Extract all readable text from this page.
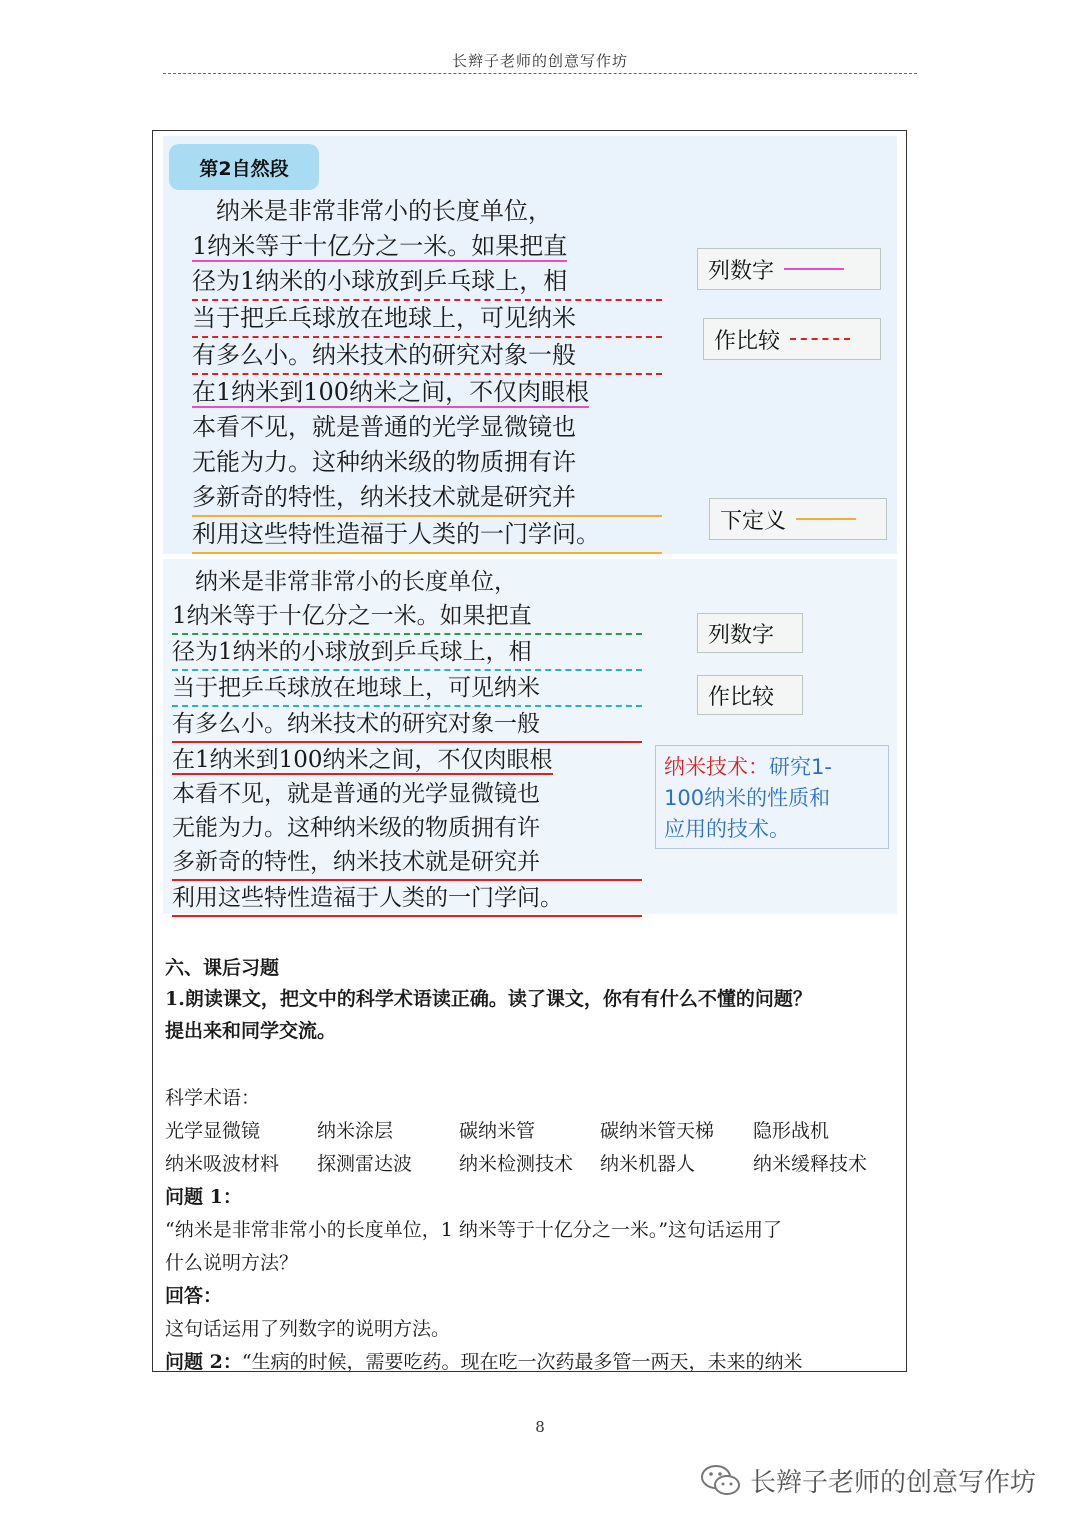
长辫子老师的创意写作坊
第2自然段
　纳米是非常非常小的长度单位，
1纳米等于十亿分之一米。如果把直
径为1纳米的小球放到乒乓球上，相
当于把乒乓球放在地球上，可见纳米
有多么小。纳米技术的研究对象一般
在1纳米到100纳米之间，不仅肉眼根
本看不见，就是普通的光学显微镜也
无能为力。这种纳米级的物质拥有许
多新奇的特性，纳米技术就是研究并
利用这些特性造福于人类的一门学问。
列数字
作比较
下定义
　纳米是非常非常小的长度单位，
1纳米等于十亿分之一米。如果把直
径为1纳米的小球放到乒乓球上，相
当于把乒乓球放在地球上，可见纳米
有多么小。纳米技术的研究对象一般
在1纳米到100纳米之间，不仅肉眼根
本看不见，就是普通的光学显微镜也
无能为力。这种纳米级的物质拥有许
多新奇的特性，纳米技术就是研究并
利用这些特性造福于人类的一门学问。
列数字
作比较
纳米技术：研究1-
100纳米的性质和
应用的技术。
六、课后习题
1.朗读课文，把文中的科学术语读正确。读了课文，你有有什么不懂的问题？
提出来和同学交流。
科学术语：
光学显微镜	纳米涂层	碳纳米管	碳纳米管天梯	隐形战机
纳米吸波材料	探测雷达波	纳米检测技术	纳米机器人	纳米缓释技术
问题 1：
“纳米是非常非常小的长度单位，1 纳米等于十亿分之一米。”这句话运用了
什么说明方法？
回答：
这句话运用了列数字的说明方法。
问题 2：“生病的时候，需要吃药。现在吃一次药最多管一两天，未来的纳米
8
长辫子老师的创意写作坊
